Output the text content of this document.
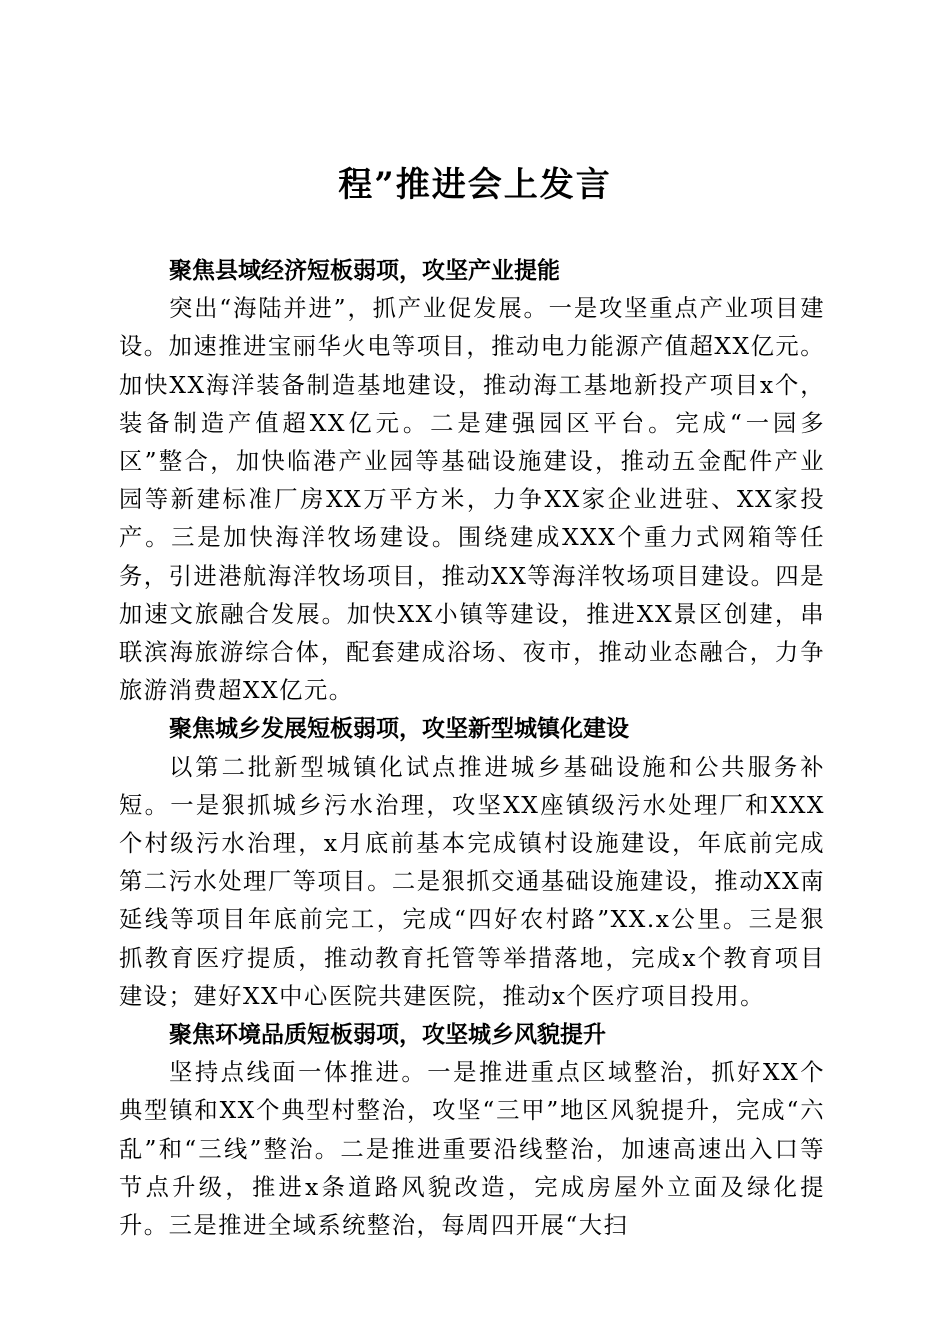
程”推进会上发言

聚焦县域经济短板弱项，攻坚产业提能

突出“海陆并进”，抓产业促发展。一是攻坚重点产业项目建设。加速推进宝丽华火电等项目，推动电力能源产值超XX亿元。加快XX海洋装备制造基地建设，推动海工基地新投产项目x个，装备制造产值超XX亿元。二是建强园区平台。完成“一园多区”整合，加快临港产业园等基础设施建设，推动五金配件产业园等新建标准厂房XX万平方米，力争XX家企业进驻、XX家投产。三是加快海洋牧场建设。围绕建成XXX个重力式网箱等任务，引进港航海洋牧场项目，推动XX等海洋牧场项目建设。四是加速文旅融合发展。加快XX小镇等建设，推进XX景区创建，串联滨海旅游综合体，配套建成浴场、夜市，推动业态融合，力争旅游消费超XX亿元。

聚焦城乡发展短板弱项，攻坚新型城镇化建设

以第二批新型城镇化试点推进城乡基础设施和公共服务补短。一是狠抓城乡污水治理，攻坚XX座镇级污水处理厂和XXX个村级污水治理，x月底前基本完成镇村设施建设，年底前完成第二污水处理厂等项目。二是狠抓交通基础设施建设，推动XX南延线等项目年底前完工，完成“四好农村路”XX.x公里。三是狠抓教育医疗提质，推动教育托管等举措落地，完成x个教育项目建设；建好XX中心医院共建医院，推动x个医疗项目投用。

聚焦环境品质短板弱项，攻坚城乡风貌提升

坚持点线面一体推进。一是推进重点区域整治，抓好XX个典型镇和XX个典型村整治，攻坚“三甲”地区风貌提升，完成“六乱”和“三线”整治。二是推进重要沿线整治，加速高速出入口等节点升级，推进x条道路风貌改造，完成房屋外立面及绿化提升。三是推进全域系统整治，每周四开展“大扫
